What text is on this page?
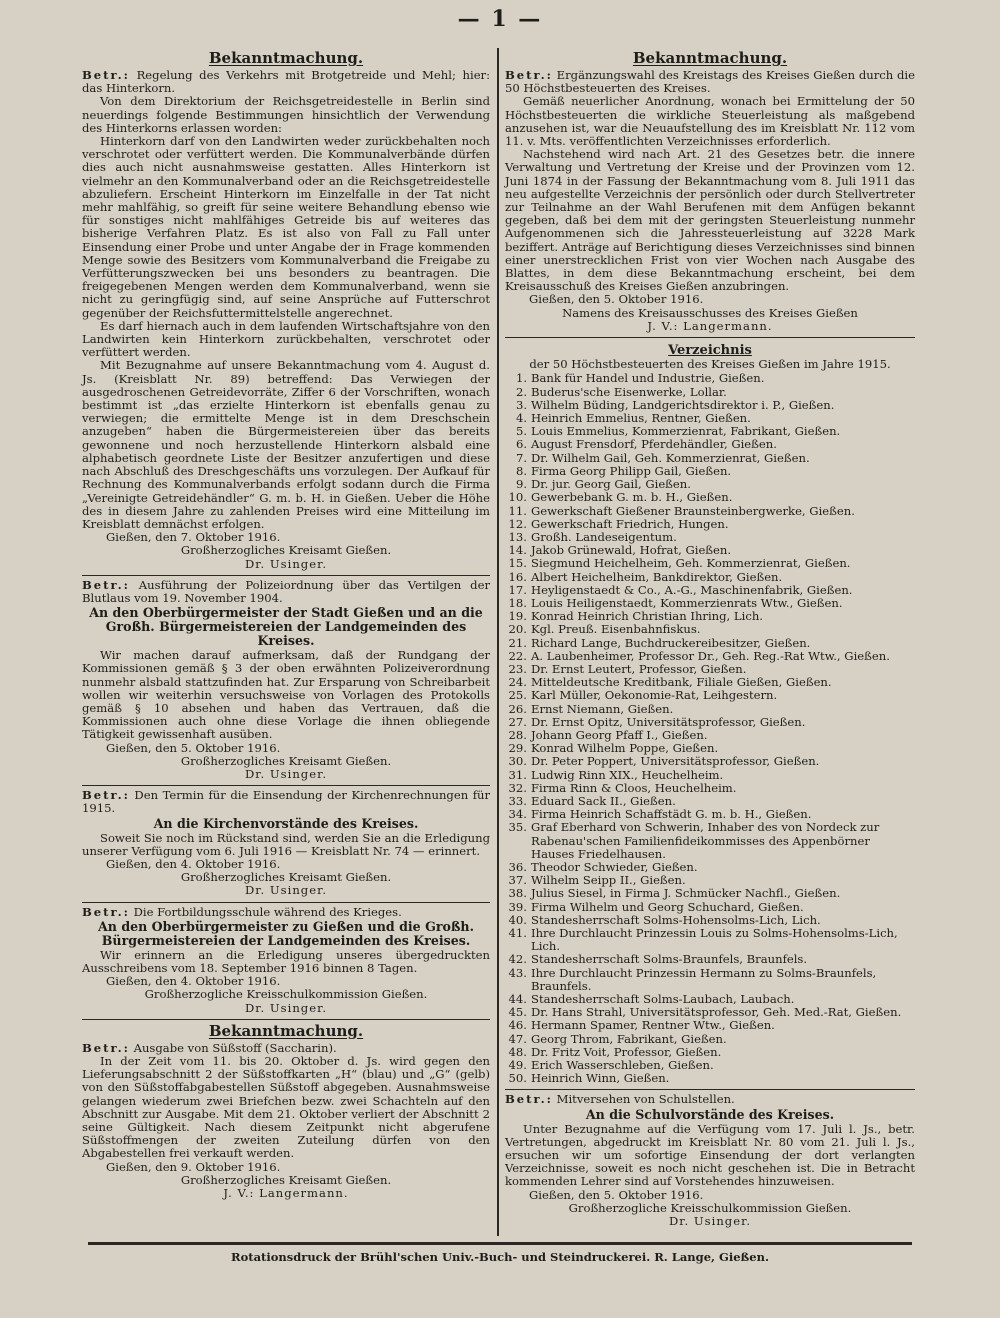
— 1 —
Bekanntmachung.

Betr.: Regelung des Verkehrs mit Brotgetreide und Mehl; hier: das Hinterkorn.

Von dem Direktorium der Reichsgetreidestelle in Berlin sind neuerdings folgende Bestimmungen hinsichtlich der Verwendung des Hinterkorns erlassen worden:

Hinterkorn darf von den Landwirten weder zurückbehalten noch verschrotet oder verfüttert werden. Die Kommunalverbände dürfen dies auch nicht ausnahmsweise gestatten. Alles Hinterkorn ist vielmehr an den Kommunalverband oder an die Reichsgetreidestelle abzuliefern. Erscheint Hinterkorn im Einzelfalle in der Tat nicht mehr mahlfähig, so greift für seine weitere Behandlung ebenso wie für sonstiges nicht mahlfähiges Getreide bis auf weiteres das bisherige Verfahren Platz. Es ist also von Fall zu Fall unter Einsendung einer Probe und unter Angabe der in Frage kommenden Menge sowie des Besitzers vom Kommunalverband die Freigabe zu Verfütterungszwecken bei uns besonders zu beantragen. Die freigegebenen Mengen werden dem Kommunalverband, wenn sie nicht zu geringfügig sind, auf seine Ansprüche auf Futterschrot gegenüber der Reichsfuttermittelstelle angerechnet.

Es darf hiernach auch in dem laufenden Wirtschaftsjahre von den Landwirten kein Hinterkorn zurückbehalten, verschrotet oder verfüttert werden.

Mit Bezugnahme auf unsere Bekanntmachung vom 4. August d. Js. (Kreisblatt Nr. 89) betreffend: Das Verwiegen der ausgedroschenen Getreidevorräte, Ziffer 6 der Vorschriften, wonach bestimmt ist „das erzielte Hinterkorn ist ebenfalls genau zu verwiegen; die ermittelte Menge ist in dem Dreschschein anzugeben“ haben die Bürgermeistereien über das bereits gewonnene und noch herzustellende Hinterkorn alsbald eine alphabetisch geordnete Liste der Besitzer anzufertigen und diese nach Abschluß des Dreschgeschäfts uns vorzulegen. Der Aufkauf für Rechnung des Kommunalverbands erfolgt sodann durch die Firma „Vereinigte Getreidehändler“ G. m. b. H. in Gießen. Ueber die Höhe des in diesem Jahre zu zahlenden Preises wird eine Mitteilung im Kreisblatt demnächst erfolgen.

Gießen, den 7. Oktober 1916.

Großherzogliches Kreisamt Gießen.

Dr. Usinger.

Betr.: Ausführung der Polizeiordnung über das Vertilgen der Blutlaus vom 19. November 1904.

An den Oberbürgermeister der Stadt Gießen und an die Großh. Bürgermeistereien der Landgemeinden des Kreises.

Wir machen darauf aufmerksam, daß der Rundgang der Kommissionen gemäß § 3 der oben erwähnten Polizeiverordnung nunmehr alsbald stattzufinden hat. Zur Ersparung von Schreibarbeit wollen wir weiterhin versuchsweise von Vorlagen des Protokolls gemäß § 10 absehen und haben das Vertrauen, daß die Kommissionen auch ohne diese Vorlage die ihnen obliegende Tätigkeit gewissenhaft ausüben.

Gießen, den 5. Oktober 1916.

Großherzogliches Kreisamt Gießen.

Dr. Usinger.

Betr.: Den Termin für die Einsendung der Kirchenrechnungen für 1915.

An die Kirchenvorstände des Kreises.

Soweit Sie noch im Rückstand sind, werden Sie an die Erledigung unserer Verfügung vom 6. Juli 1916 — Kreisblatt Nr. 74 — erinnert.

Gießen, den 4. Oktober 1916.

Großherzogliches Kreisamt Gießen.

Dr. Usinger.

Betr.: Die Fortbildungsschule während des Krieges.

An den Oberbürgermeister zu Gießen und die Großh. Bürgermeistereien der Landgemeinden des Kreises.

Wir erinnern an die Erledigung unseres übergedruckten Ausschreibens vom 18. September 1916 binnen 8 Tagen.

Gießen, den 4. Oktober 1916.

Großherzogliche Kreisschulkommission Gießen.

Dr. Usinger.

Bekanntmachung.

Betr.: Ausgabe von Süßstoff (Saccharin).

In der Zeit vom 11. bis 20. Oktober d. Js. wird gegen den Lieferungsabschnitt 2 der Süßstoffkarten „H“ (blau) und „G“ (gelb) von den Süßstoffabgabestellen Süßstoff abgegeben. Ausnahmsweise gelangen wiederum zwei Briefchen bezw. zwei Schachteln auf den Abschnitt zur Ausgabe. Mit dem 21. Oktober verliert der Abschnitt 2 seine Gültigkeit. Nach diesem Zeitpunkt nicht abgerufene Süßstoffmengen der zweiten Zuteilung dürfen von den Abgabestellen frei verkauft werden.

Gießen, den 9. Oktober 1916.

Großherzogliches Kreisamt Gießen.

J. V.: Langermann.

Bekanntmachung.

Betr.: Ergänzungswahl des Kreistags des Kreises Gießen durch die 50 Höchstbesteuerten des Kreises.

Gemäß neuerlicher Anordnung, wonach bei Ermittelung der 50 Höchstbesteuerten die wirkliche Steuerleistung als maßgebend anzusehen ist, war die Neuaufstellung des im Kreisblatt Nr. 112 vom 11. v. Mts. veröffentlichten Verzeichnisses erforderlich.

Nachstehend wird nach Art. 21 des Gesetzes betr. die innere Verwaltung und Vertretung der Kreise und der Provinzen vom 12. Juni 1874 in der Fassung der Bekanntmachung vom 8. Juli 1911 das neu aufgestellte Verzeichnis der persönlich oder durch Stellvertreter zur Teilnahme an der Wahl Berufenen mit dem Anfügen bekannt gegeben, daß bei dem mit der geringsten Steuerleistung nunmehr Aufgenommenen sich die Jahressteuerleistung auf 3228 Mark beziffert. Anträge auf Berichtigung dieses Verzeichnisses sind binnen einer unerstrecklichen Frist von vier Wochen nach Ausgabe des Blattes, in dem diese Bekanntmachung erscheint, bei dem Kreisausschuß des Kreises Gießen anzubringen.

Gießen, den 5. Oktober 1916.

Namens des Kreisausschusses des Kreises Gießen

J. V.: Langermann.

Verzeichnis

der 50 Höchstbesteuerten des Kreises Gießen im Jahre 1915.

1. Bank für Handel und Industrie, Gießen.
2. Buderus'sche Eisenwerke, Lollar.
3. Wilhelm Büding, Landgerichtsdirektor i. P., Gießen.
4. Heinrich Emmelius, Rentner, Gießen.
5. Louis Emmelius, Kommerzienrat, Fabrikant, Gießen.
6. August Frensdorf, Pferdehändler, Gießen.
7. Dr. Wilhelm Gail, Geh. Kommerzienrat, Gießen.
8. Firma Georg Philipp Gail, Gießen.
9. Dr. jur. Georg Gail, Gießen.
10. Gewerbebank G. m. b. H., Gießen.
11. Gewerkschaft Gießener Braunsteinbergwerke, Gießen.
12. Gewerkschaft Friedrich, Hungen.
13. Großh. Landeseigentum.
14. Jakob Grünewald, Hofrat, Gießen.
15. Siegmund Heichelheim, Geh. Kommerzienrat, Gießen.
16. Albert Heichelheim, Bankdirektor, Gießen.
17. Heyligenstaedt & Co., A.-G., Maschinenfabrik, Gießen.
18. Louis Heiligenstaedt, Kommerzienrats Wtw., Gießen.
19. Konrad Heinrich Christian Ihring, Lich.
20. Kgl. Preuß. Eisenbahnfiskus.
21. Richard Lange, Buchdruckereibesitzer, Gießen.
22. A. Laubenheimer, Professor Dr., Geh. Reg.-Rat Wtw., Gießen.
23. Dr. Ernst Leutert, Professor, Gießen.
24. Mitteldeutsche Kreditbank, Filiale Gießen, Gießen.
25. Karl Müller, Oekonomie-Rat, Leihgestern.
26. Ernst Niemann, Gießen.
27. Dr. Ernst Opitz, Universitätsprofessor, Gießen.
28. Johann Georg Pfaff I., Gießen.
29. Konrad Wilhelm Poppe, Gießen.
30. Dr. Peter Poppert, Universitätsprofessor, Gießen.
31. Ludwig Rinn XIX., Heuchelheim.
32. Firma Rinn & Cloos, Heuchelheim.
33. Eduard Sack II., Gießen.
34. Firma Heinrich Schaffstädt G. m. b. H., Gießen.
35. Graf Eberhard von Schwerin, Inhaber des von Nordeck zur Rabenau'schen Familienfideikommisses des Appenbörner Hauses Friedelhausen.
36. Theodor Schwieder, Gießen.
37. Wilhelm Seipp II., Gießen.
38. Julius Siesel, in Firma J. Schmücker Nachfl., Gießen.
39. Firma Wilhelm und Georg Schuchard, Gießen.
40. Standesherrschaft Solms-Hohensolms-Lich, Lich.
41. Ihre Durchlaucht Prinzessin Louis zu Solms-Hohensolms-Lich, Lich.
42. Standesherrschaft Solms-Braunfels, Braunfels.
43. Ihre Durchlaucht Prinzessin Hermann zu Solms-Braunfels, Braunfels.
44. Standesherrschaft Solms-Laubach, Laubach.
45. Dr. Hans Strahl, Universitätsprofessor, Geh. Med.-Rat, Gießen.
46. Hermann Spamer, Rentner Wtw., Gießen.
47. Georg Throm, Fabrikant, Gießen.
48. Dr. Fritz Voit, Professor, Gießen.
49. Erich Wasserschleben, Gießen.
50. Heinrich Winn, Gießen.

Betr.: Mitversehen von Schulstellen.

An die Schulvorstände des Kreises.

Unter Bezugnahme auf die Verfügung vom 17. Juli l. Js., betr. Vertretungen, abgedruckt im Kreisblatt Nr. 80 vom 21. Juli l. Js., ersuchen wir um sofortige Einsendung der dort verlangten Verzeichnisse, soweit es noch nicht geschehen ist. Die in Betracht kommenden Lehrer sind auf Vorstehendes hinzuweisen.

Gießen, den 5. Oktober 1916.

Großherzogliche Kreisschulkommission Gießen.

Dr. Usinger.

Rotationsdruck der Brühl'schen Univ.-Buch- und Steindruckerei. R. Lange, Gießen.
